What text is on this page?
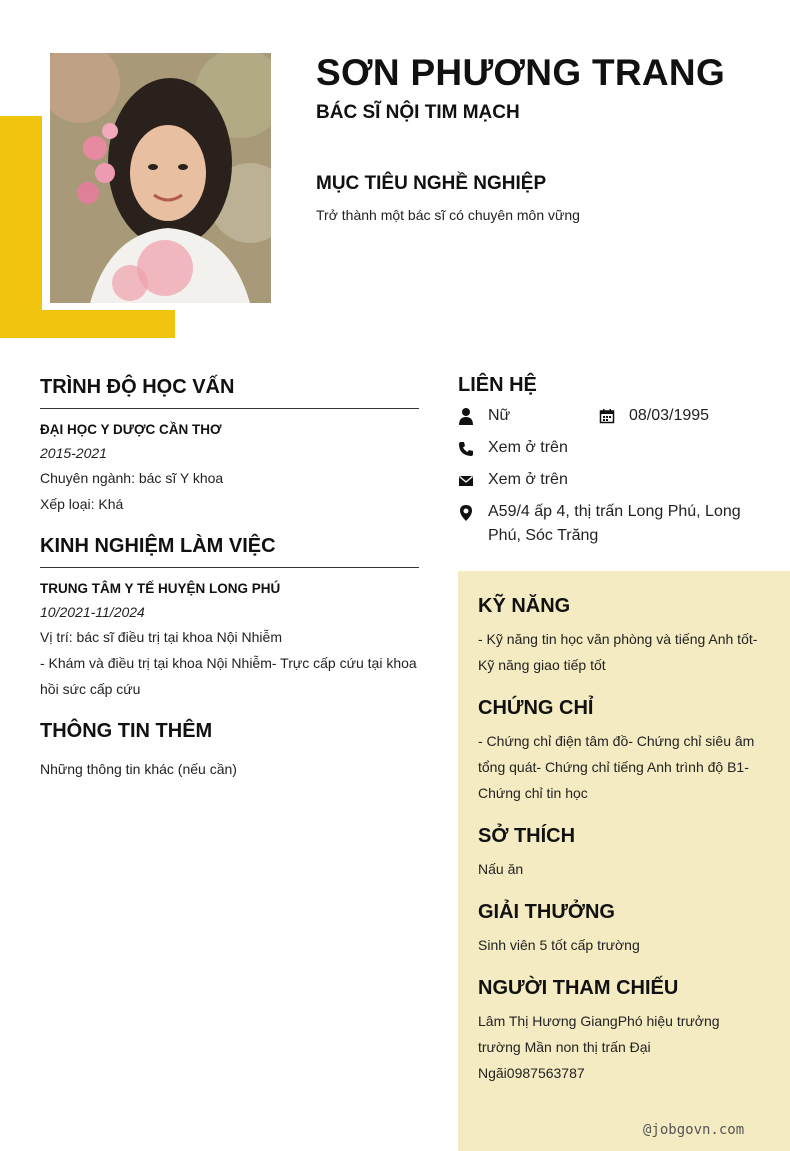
SƠN PHƯƠNG TRANG
BÁC SĨ NỘI TIM MẠCH
MỤC TIÊU NGHỀ NGHIỆP
Trở thành một bác sĩ có chuyên môn vững
TRÌNH ĐỘ HỌC VẤN
ĐẠI HỌC Y DƯỢC CẦN THƠ
2015-2021
Chuyên ngành: bác sĩ Y khoa
Xếp loại: Khá
KINH NGHIỆM LÀM VIỆC
TRUNG TÂM Y TẾ HUYỆN LONG PHÚ
10/2021-11/2024
Vị trí: bác sĩ điều trị tại khoa Nội Nhiễm
- Khám và điều trị tại khoa Nội Nhiễm- Trực cấp cứu tại khoa hồi sức cấp cứu
THÔNG TIN THÊM
Những thông tin khác (nếu cần)
LIÊN HỆ
Nữ	08/03/1995
Xem ở trên
Xem ở trên
A59/4 ấp 4, thị trấn Long Phú, Long Phú, Sóc Trăng
KỸ NĂNG
- Kỹ năng tin học văn phòng và tiếng Anh tốt- Kỹ năng giao tiếp tốt
CHỨNG CHỈ
- Chứng chỉ điện tâm đồ- Chứng chỉ siêu âm tổng quát- Chứng chỉ tiếng Anh trình độ B1- Chứng chỉ tin học
SỞ THÍCH
Nấu ăn
GIẢI THƯỞNG
Sinh viên 5 tốt cấp trường
NGƯỜI THAM CHIẾU
Lâm Thị Hương GiangPhó hiệu trưởng trường Mần non thị trấn Đại Ngãi0987563787
@jobgovn.com
